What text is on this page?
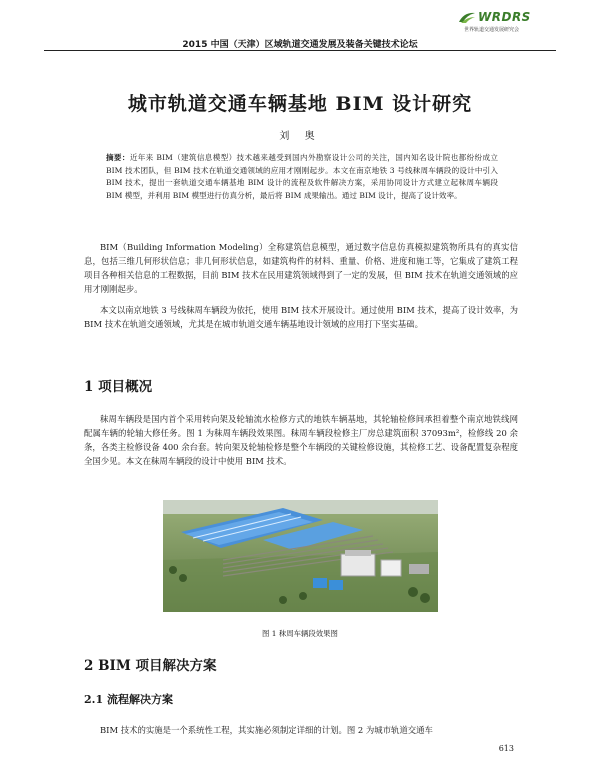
WRDRS
世界轨道交通发展研究会
2015 中国（天津）区域轨道交通发展及装备关键技术论坛
城市轨道交通车辆基地 BIM 设计研究
刘 奥
摘要：近年来 BIM（建筑信息模型）技术越来越受到国内外勘察设计公司的关注，国内知名设计院也都纷纷成立 BIM 技术团队，但 BIM 技术在轨道交通领域的应用才刚刚起步。本文在南京地铁 3 号线秣周车辆段的设计中引入 BIM 技术，提出一套轨道交通车辆基地 BIM 设计的流程及软件解决方案，采用协同设计方式建立起秣周车辆段 BIM 模型，并利用 BIM 模型进行仿真分析，最后将 BIM 成果输出。通过 BIM 设计，提高了设计效率。

BIM（Building Information Modeling）全称建筑信息模型，通过数字信息仿真模拟建筑物所具有的真实信息，包括三维几何形状信息；非几何形状信息，如建筑构件的材料、重量、价格、进度和施工等，它集成了建筑工程项目各种相关信息的工程数据，目前 BIM 技术在民用建筑领域得到了一定的发展，但 BIM 技术在轨道交通领域的应用才刚刚起步。

本文以南京地铁 3 号线秣周车辆段为依托，使用 BIM 技术开展设计。通过使用 BIM 技术，提高了设计效率，为 BIM 技术在轨道交通领域，尤其是在城市轨道交通车辆基地设计领域的应用打下坚实基础。

1 项目概况

秣周车辆段是国内首个采用转向架及轮轴流水检修方式的地铁车辆基地，其轮轴检修间承担着整个南京地铁线网配属车辆的轮轴大修任务。图 1 为秣周车辆段效果图。秣周车辆段检修主厂房总建筑面积 37093m²，检修线 20 余条，各类主检修设备 400 余台套。转向架及轮轴检修是整个车辆段的关键检修设施，其检修工艺、设备配置复杂程度全国少见。本文在秣周车辆段的设计中使用 BIM 技术。

图 1 秣周车辆段效果图
2 BIM 项目解决方案
2.1 流程解决方案

BIM 技术的实施是一个系统性工程，其实施必须制定详细的计划。图 2 为城市轨道交通车

613
